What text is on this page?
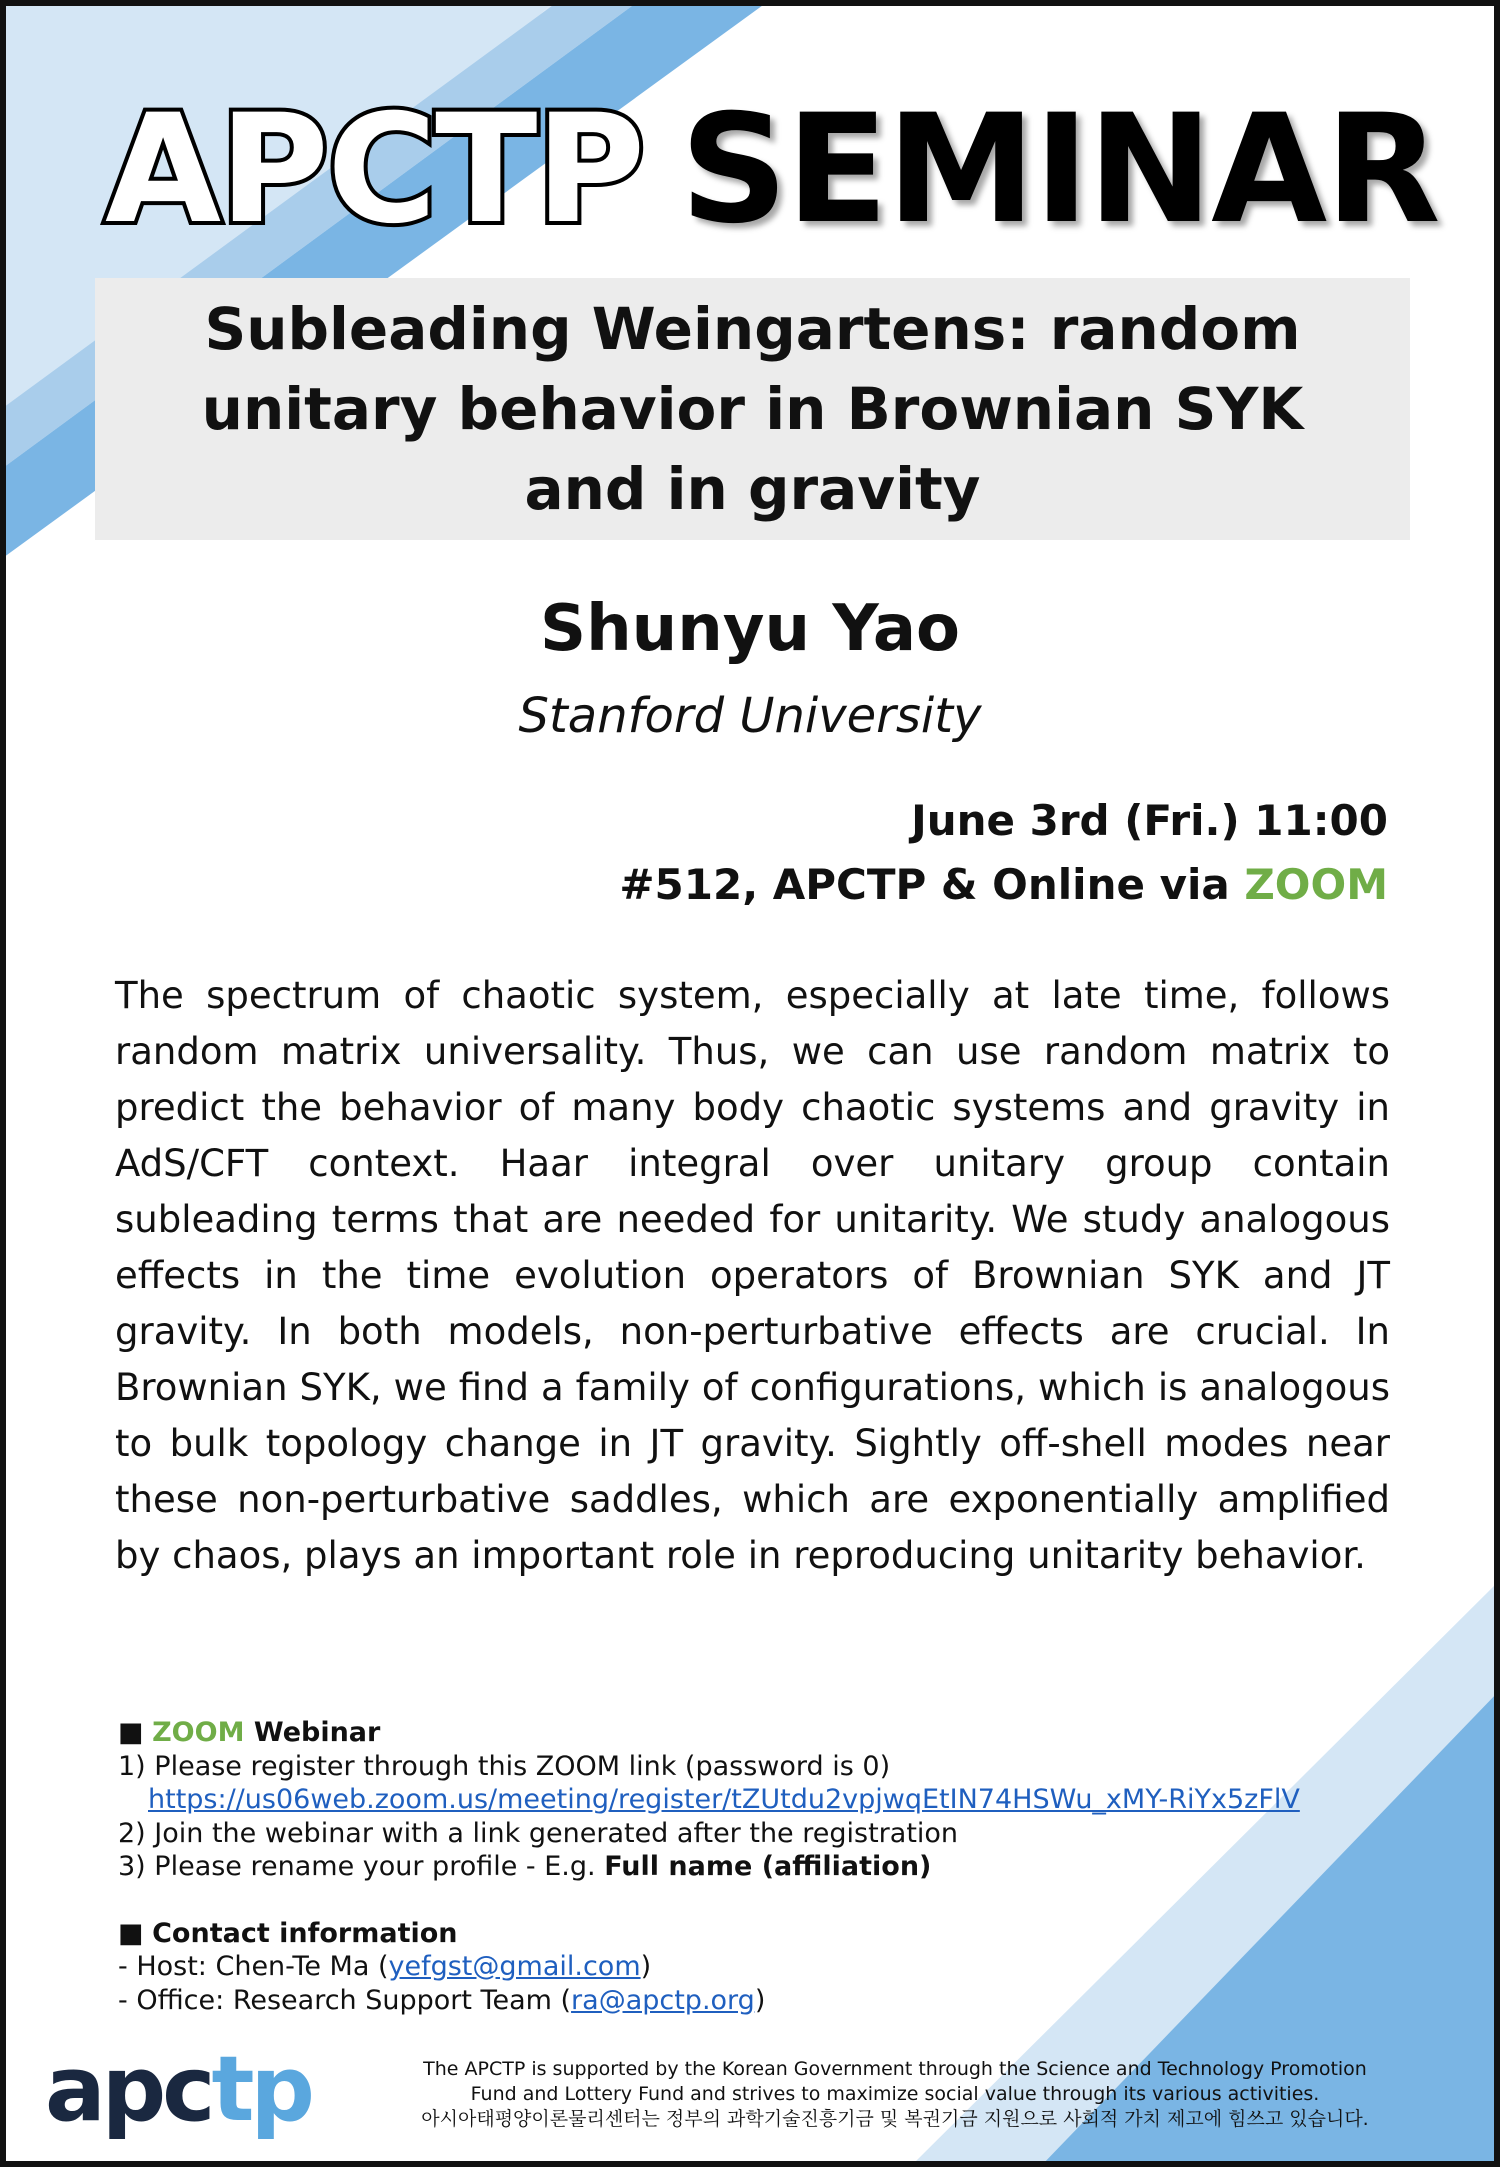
APCTP SEMINAR
Subleading Weingartens: random unitary behavior in Brownian SYK and in gravity
Shunyu Yao
Stanford University
June 3rd (Fri.) 11:00
#512, APCTP & Online via ZOOM
The spectrum of chaotic system, especially at late time, follows random matrix universality. Thus, we can use random matrix to predict the behavior of many body chaotic systems and gravity in AdS/CFT context. Haar integral over unitary group contain subleading terms that are needed for unitarity. We study analogous effects in the time evolution operators of Brownian SYK and JT gravity. In both models, non-perturbative effects are crucial. In Brownian SYK, we find a family of configurations, which is analogous to bulk topology change in JT gravity. Sightly off-shell modes near these non-perturbative saddles, which are exponentially amplified by chaos, plays an important role in reproducing unitarity behavior.
■ ZOOM Webinar
1) Please register through this ZOOM link (password is 0)
https://us06web.zoom.us/meeting/register/tZUtdu2vpjwqEtIN74HSWu_xMY-RiYx5zFlV
2) Join the webinar with a link generated after the registration
3) Please rename your profile - E.g. Full name (affiliation)
■ Contact information
- Host: Chen-Te Ma (yefgst@gmail.com)
- Office: Research Support Team (ra@apctp.org)
apctp	The APCTP is supported by the Korean Government through the Science and Technology Promotion
Fund and Lottery Fund and strives to maximize social value through its various activities.
아시아태평양이론물리센터는 정부의 과학기술진흥기금 및 복권기금 지원으로 사회적 가치 제고에 힘쓰고 있습니다.
